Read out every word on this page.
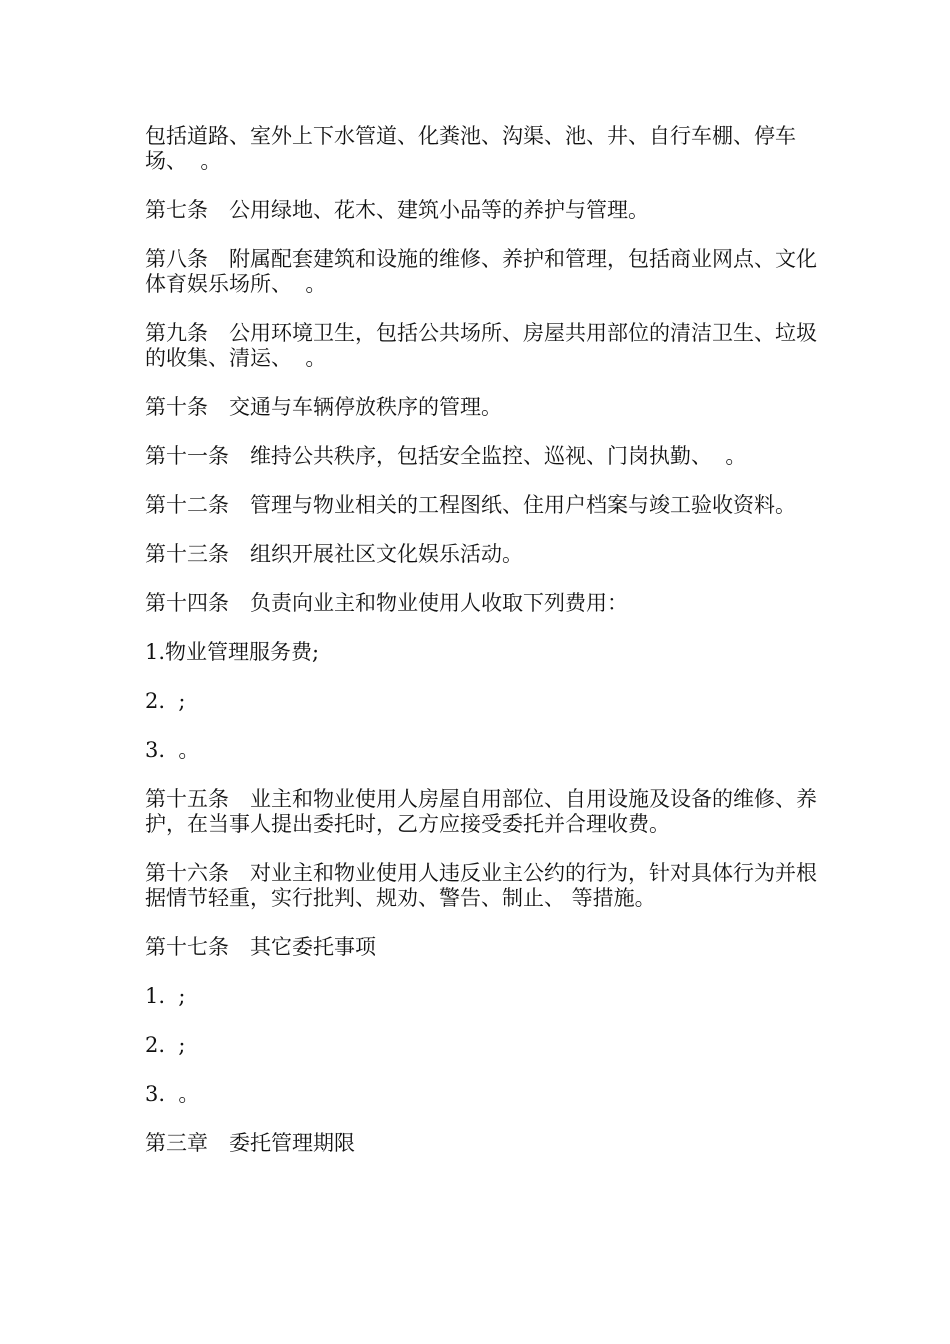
包括道路、室外上下水管道、化粪池、沟渠、池、井、自行车棚、停车场、  。

第七条　公用绿地、花木、建筑小品等的养护与管理。

第八条　附属配套建筑和设施的维修、养护和管理，包括商业网点、文化体育娱乐场所、  。

第九条　公用环境卫生，包括公共场所、房屋共用部位的清洁卫生、垃圾的收集、清运、  。

第十条　交通与车辆停放秩序的管理。

第十一条　维持公共秩序，包括安全监控、巡视、门岗执勤、  。

第十二条　管理与物业相关的工程图纸、住用户档案与竣工验收资料。

第十三条　组织开展社区文化娱乐活动。

第十四条　负责向业主和物业使用人收取下列费用：

1.物业管理服务费;

2.  ;

3.  。

第十五条　业主和物业使用人房屋自用部位、自用设施及设备的维修、养护，在当事人提出委托时，乙方应接受委托并合理收费。

第十六条　对业主和物业使用人违反业主公约的行为，针对具体行为并根据情节轻重，实行批判、规劝、警告、制止、 等措施。

第十七条　其它委托事项

1.  ;

2.  ;

3.  。

第三章　委托管理期限
